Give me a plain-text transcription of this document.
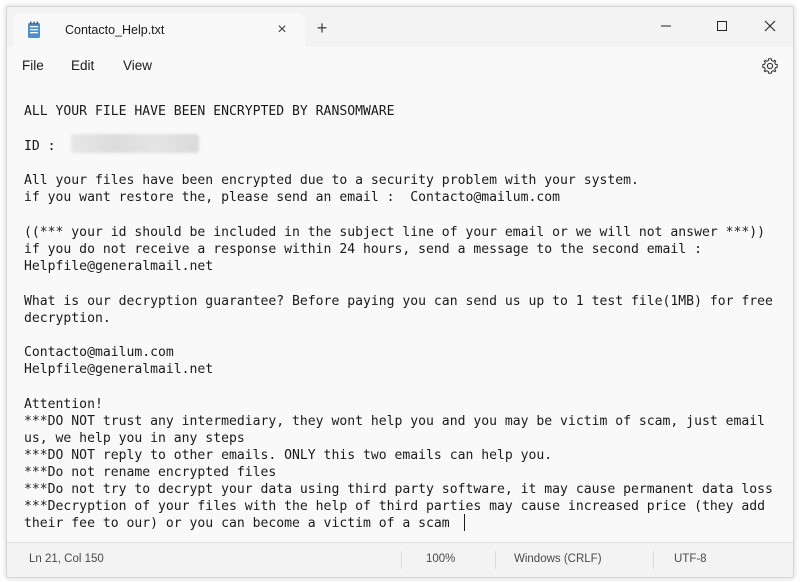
Contacto_Help.txt	× +
File Edit View
ALL YOUR FILE HAVE BEEN ENCRYPTED BY RANSOMWARE
ID :
All your files have been encrypted due to a security problem with your system.
if you want restore the, please send an email :  Contacto@mailum.com
((*** your id should be included in the subject line of your email or we will not answer ***))
if you do not receive a response within 24 hours, send a message to the second email :
Helpfile@generalmail.net
What is our decryption guarantee? Before paying you can send us up to 1 test file(1MB) for free
decryption.
Contacto@mailum.com
Helpfile@generalmail.net
Attention!
***DO NOT trust any intermediary, they wont help you and you may be victim of scam, just email
us, we help you in any steps
***DO NOT reply to other emails. ONLY this two emails can help you.
***Do not rename encrypted files
***Do not try to decrypt your data using third party software, it may cause permanent data loss
***Decryption of your files with the help of third parties may cause increased price (they add
their fee to our) or you can become a victim of a scam
Ln 21, Col 150	100%	Windows (CRLF)	UTF-8
